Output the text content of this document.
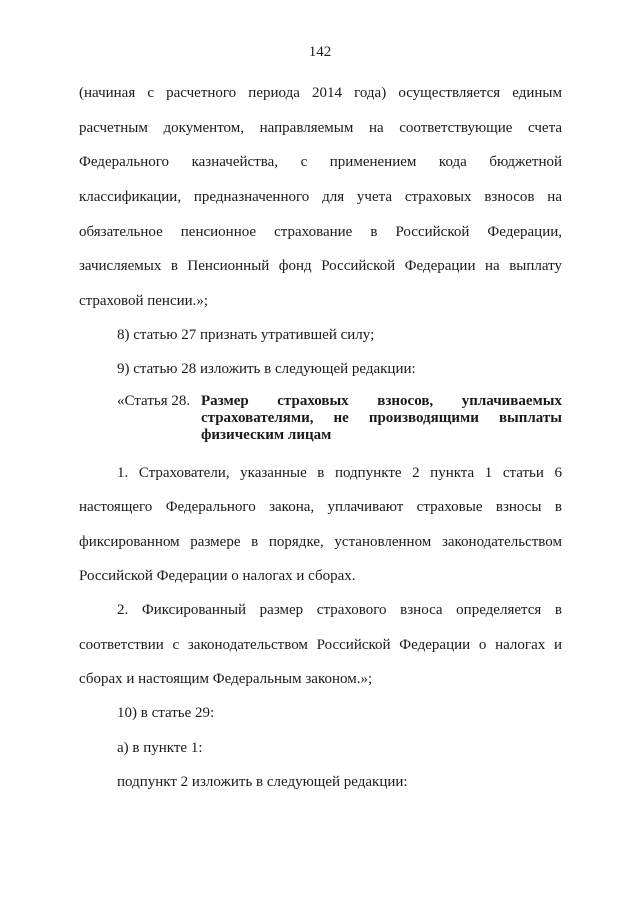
142
(начиная с расчетного периода 2014 года) осуществляется единым
расчетным документом, направляемым на соответствующие счета
Федерального казначейства, с применением кода бюджетной
классификации, предназначенного для учета страховых взносов на
обязательное пенсионное страхование в Российской Федерации,
зачисляемых в Пенсионный фонд Российской Федерации на выплату
страховой пенсии.»;
8) статью 27 признать утратившей силу;
9) статью 28 изложить в следующей редакции:
«Статья 28. Размер страховых взносов, уплачиваемых
страхователями, не производящими выплаты
физическим лицам
1. Страхователи, указанные в подпункте 2 пункта 1 статьи 6
настоящего Федерального закона, уплачивают страховые взносы в
фиксированном размере в порядке, установленном законодательством
Российской Федерации о налогах и сборах.
2. Фиксированный размер страхового взноса определяется в
соответствии с законодательством Российской Федерации о налогах и
сборах и настоящим Федеральным законом.»;
10) в статье 29:
а) в пункте 1:
подпункт 2 изложить в следующей редакции:
